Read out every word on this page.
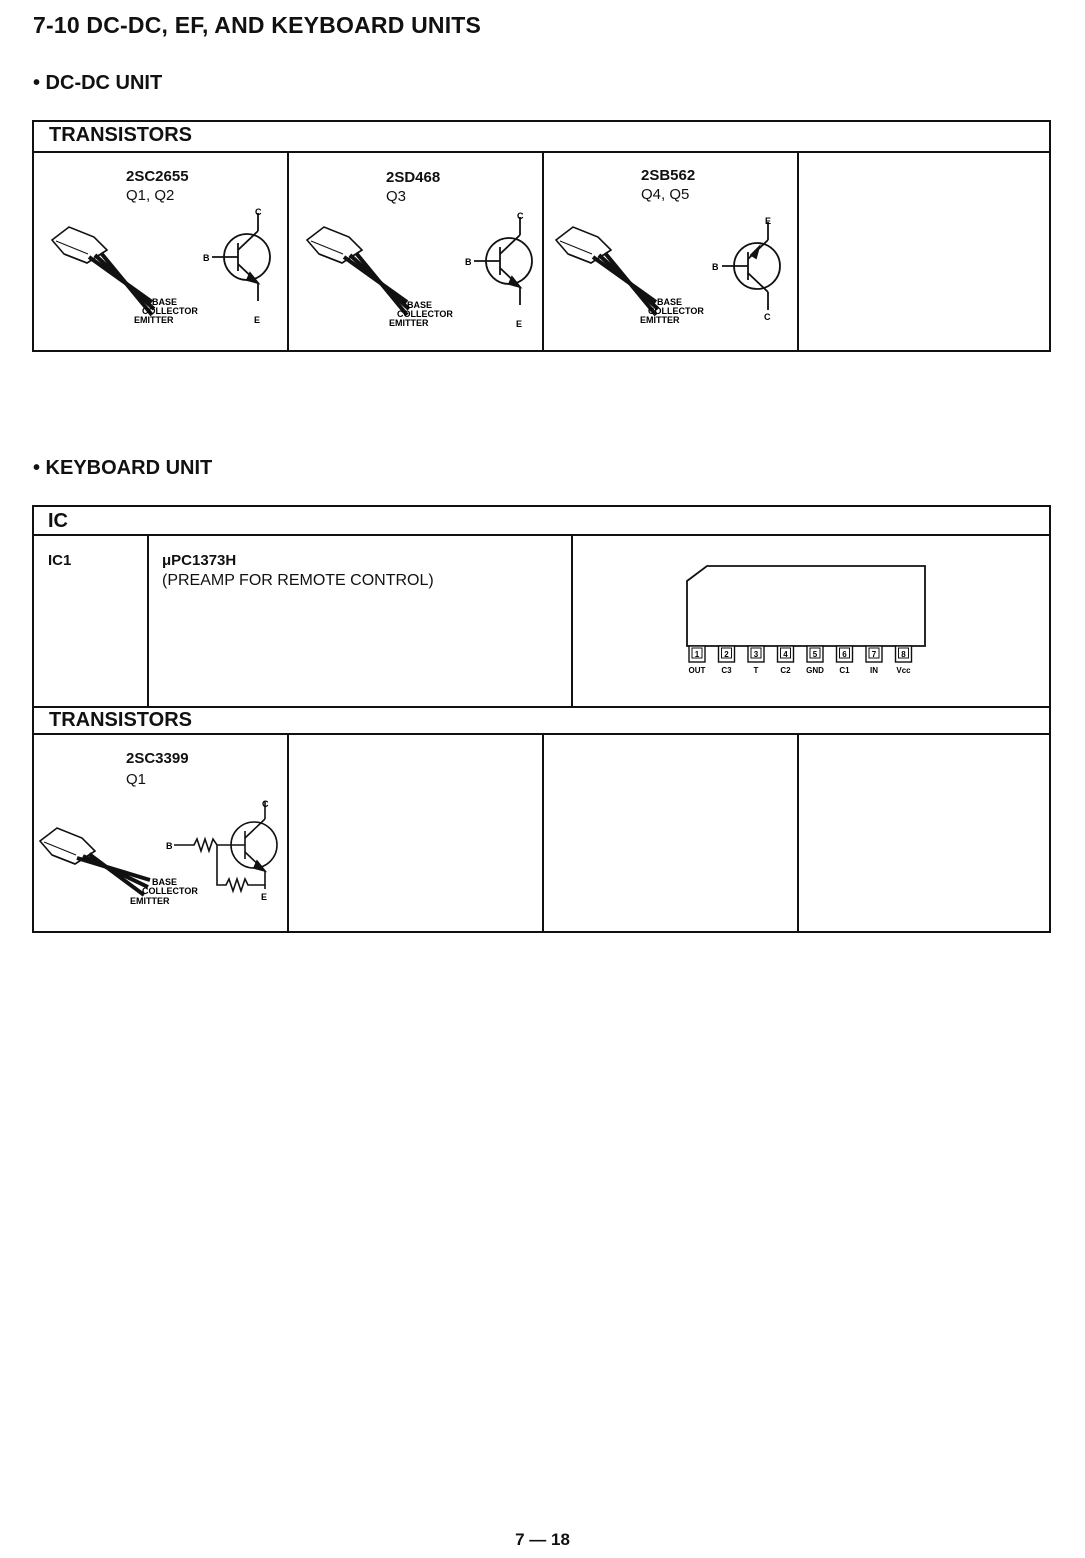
7-10 DC-DC, EF, AND KEYBOARD UNITS
• DC-DC UNIT
TRANSISTORS
2SC2655
Q1, Q2
BASE
COLLECTOR
EMITTER
C
B
E
2SD468
Q3
BASE
COLLECTOR
EMITTER
C
B
E
2SB562
Q4, Q5
BASE
COLLECTOR
EMITTER
E
B
C
• KEYBOARD UNIT
IC
IC1	μPC1373H
(PREAMP FOR REMOTE CONTROL)
1
OUT
2
C3
3
T
4
C2
5
GND
6
C1
7
IN
8
Vcc
TRANSISTORS
2SC3399
Q1
BASE
COLLECTOR
EMITTER
C
B
E
7 — 18
